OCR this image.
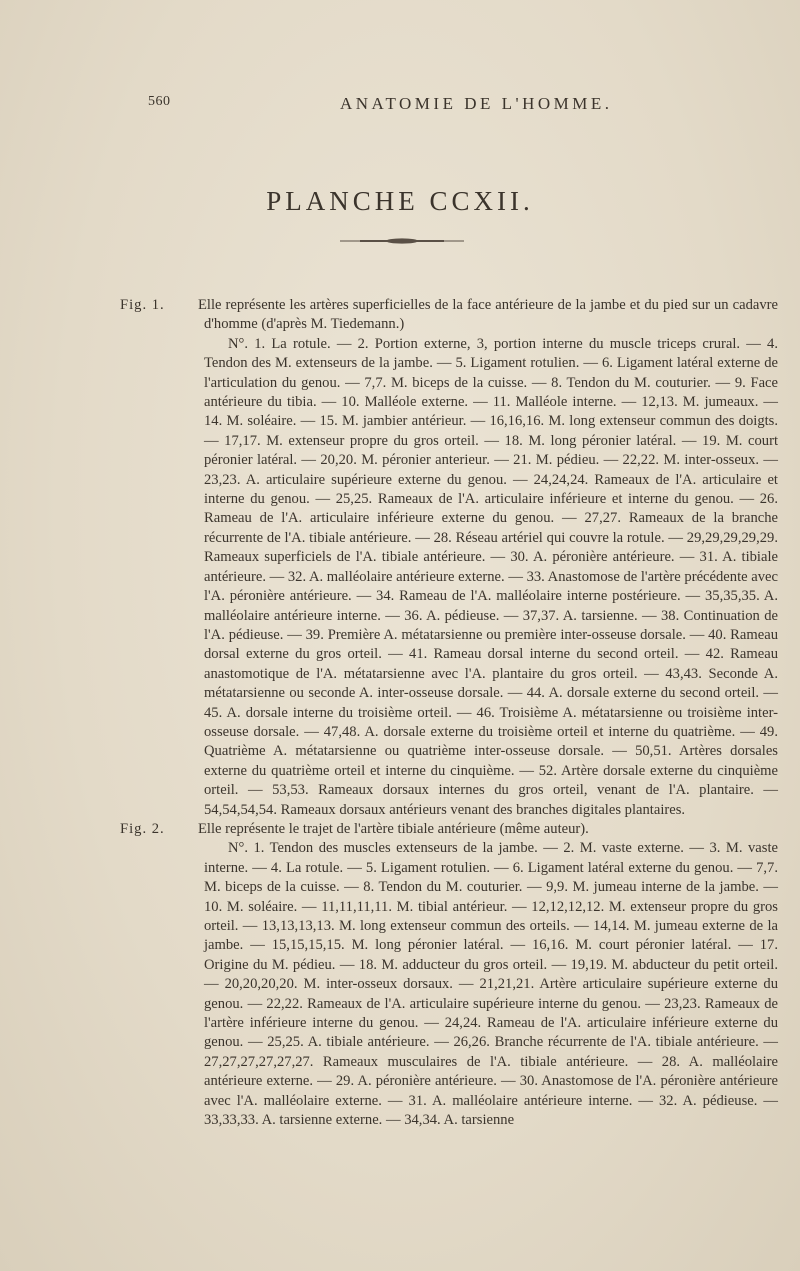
560	ANATOMIE DE L'HOMME.
PLANCHE CCXII.

Fig. 1. Elle représente les artères superficielles de la face antérieure de la jambe et du pied sur un cadavre d'homme (d'après M. Tiedemann.)
N°. 1. La rotule. — 2. Portion externe, 3, portion interne du muscle triceps crural. — 4. Tendon des M. extenseurs de la jambe. — 5. Ligament rotulien. — 6. Ligament latéral externe de l'articulation du genou. — 7,7. M. biceps de la cuisse. — 8. Tendon du M. couturier. — 9. Face antérieure du tibia. — 10. Malléole externe. — 11. Malléole interne. — 12,13. M. jumeaux. — 14. M. soléaire. — 15. M. jambier antérieur. — 16,16,16. M. long extenseur commun des doigts. — 17,17. M. extenseur propre du gros orteil. — 18. M. long péronier latéral. — 19. M. court péronier latéral. — 20,20. M. péronier anterieur. — 21. M. pédieu. — 22,22. M. inter-osseux. — 23,23. A. articulaire supérieure externe du genou. — 24,24,24. Rameaux de l'A. articulaire et interne du genou. — 25,25. Rameaux de l'A. articulaire inférieure et interne du genou. — 26. Rameau de l'A. articulaire inférieure externe du genou. — 27,27. Rameaux de la branche récurrente de l'A. tibiale antérieure. — 28. Réseau artériel qui couvre la rotule. — 29,29,29,29,29. Rameaux superficiels de l'A. tibiale antérieure. — 30. A. péronière antérieure. — 31. A. tibiale antérieure. — 32. A. malléolaire antérieure externe. — 33. Anastomose de l'artère précédente avec l'A. péronière antérieure. — 34. Rameau de l'A. malléolaire interne postérieure. — 35,35,35. A. malléolaire antérieure interne. — 36. A. pédieuse. — 37,37. A. tarsienne. — 38. Continuation de l'A. pédieuse. — 39. Première A. métatarsienne ou première inter-osseuse dorsale. — 40. Rameau dorsal externe du gros orteil. — 41. Rameau dorsal interne du second orteil. — 42. Rameau anastomotique de l'A. métatarsienne avec l'A. plantaire du gros orteil. — 43,43. Seconde A. métatarsienne ou seconde A. inter-osseuse dorsale. — 44. A. dorsale externe du second orteil. — 45. A. dorsale interne du troisième orteil. — 46. Troisième A. métatarsienne ou troisième inter-osseuse dorsale. — 47,48. A. dorsale externe du troisième orteil et interne du quatrième. — 49. Quatrième A. métatarsienne ou quatrième inter-osseuse dorsale. — 50,51. Artères dorsales externe du quatrième orteil et interne du cinquième. — 52. Artère dorsale externe du cinquième orteil. — 53,53. Rameaux dorsaux internes du gros orteil, venant de l'A. plantaire. — 54,54,54,54. Rameaux dorsaux antérieurs venant des branches digitales plantaires.

Fig. 2. Elle représente le trajet de l'artère tibiale antérieure (même auteur).
N°. 1. Tendon des muscles extenseurs de la jambe. — 2. M. vaste externe. — 3. M. vaste interne. — 4. La rotule. — 5. Ligament rotulien. — 6. Ligament latéral externe du genou. — 7,7. M. biceps de la cuisse. — 8. Tendon du M. couturier. — 9,9. M. jumeau interne de la jambe. — 10. M. soléaire. — 11,11,11,11. M. tibial antérieur. — 12,12,12,12. M. extenseur propre du gros orteil. — 13,13,13,13. M. long extenseur commun des orteils. — 14,14. M. jumeau externe de la jambe. — 15,15,15,15. M. long péronier latéral. — 16,16. M. court péronier latéral. — 17. Origine du M. pédieu. — 18. M. adducteur du gros orteil. — 19,19. M. abducteur du petit orteil. — 20,20,20,20. M. inter-osseux dorsaux. — 21,21,21. Artère articulaire supérieure externe du genou. — 22,22. Rameaux de l'A. articulaire supérieure interne du genou. — 23,23. Rameaux de l'artère inférieure interne du genou. — 24,24. Rameau de l'A. articulaire inférieure externe du genou. — 25,25. A. tibiale antérieure. — 26,26. Branche récurrente de l'A. tibiale antérieure. — 27,27,27,27,27,27. Rameaux musculaires de l'A. tibiale antérieure. — 28. A. malléolaire antérieure externe. — 29. A. péronière antérieure. — 30. Anastomose de l'A. péronière antérieure avec l'A. malléolaire externe. — 31. A. malléolaire antérieure interne. — 32. A. pédieuse. — 33,33,33. A. tarsienne externe. — 34,34. A. tarsienne
